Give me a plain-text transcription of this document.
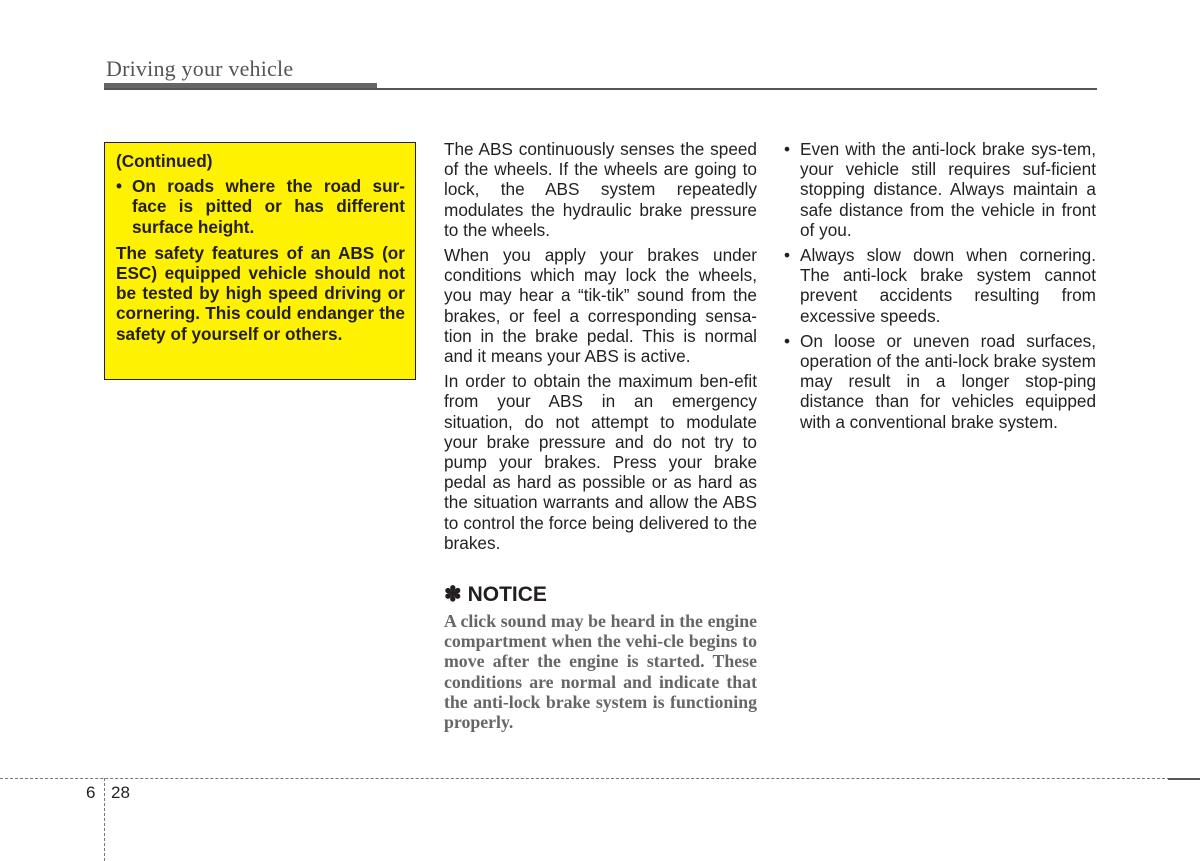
Driving your vehicle

(Continued)

• On roads where the road sur-face is pitted or has different surface height.

The safety features of an ABS (or ESC) equipped vehicle should not be tested by high speed driving or cornering. This could endanger the safety of yourself or others.

The ABS continuously senses the speed of the wheels. If the wheels are going to lock, the ABS system repeatedly modulates the hydraulic brake pressure to the wheels.

When you apply your brakes under conditions which may lock the wheels, you may hear a “tik-tik” sound from the brakes, or feel a corresponding sensa-tion in the brake pedal. This is normal and it means your ABS is active.

In order to obtain the maximum ben-efit from your ABS in an emergency situation, do not attempt to modulate your brake pressure and do not try to pump your brakes. Press your brake pedal as hard as possible or as hard as the situation warrants and allow the ABS to control the force being delivered to the brakes.

✽ NOTICE

A click sound may be heard in the engine compartment when the vehi-cle begins to move after the engine is started. These conditions are normal and indicate that the anti-lock brake system is functioning properly.

• Even with the anti-lock brake sys-tem, your vehicle still requires suf-ficient stopping distance. Always maintain a safe distance from the vehicle in front of you.

• Always slow down when cornering. The anti-lock brake system cannot prevent accidents resulting from excessive speeds.

• On loose or uneven road surfaces, operation of the anti-lock brake system may result in a longer stop-ping distance than for vehicles equipped with a conventional brake system.

6 28
